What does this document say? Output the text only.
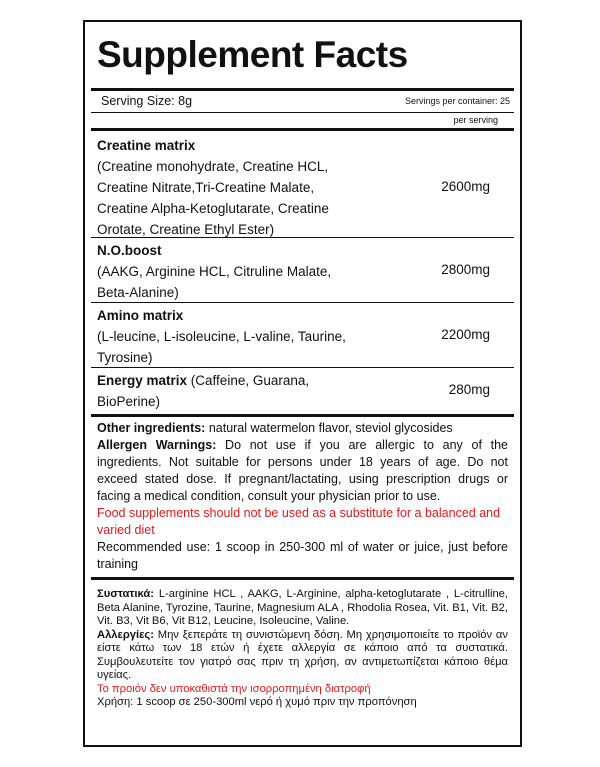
Supplement Facts
Serving Size: 8g	Servings per container: 25
per serving
Creatine matrix
(Creatine monohydrate, Creatine HCL,
Creatine Nitrate,Tri-Creatine Malate,
Creatine Alpha-Ketoglutarate, Creatine
Orotate, Creatine Ethyl Ester)
2600mg
N.O.boost
(AAKG, Arginine HCL, Citruline Malate,
Beta-Alanine)
2800mg
Amino matrix
(L-leucine, L-isoleucine, L-valine, Taurine,
Tyrosine)
2200mg
Energy matrix (Caffeine, Guarana,
BioPerine)
280mg
Other ingredients: natural watermelon flavor, steviol glycosides
Allergen Warnings: Do not use if you are allergic to any of the ingredients. Not suitable for persons under 18 years of age. Do not exceed stated dose. If pregnant/lactating, using prescription drugs or facing a medical condition, consult your physician prior to use.
Food supplements should not be used as a substitute for a balanced and varied diet
Recommended use: 1 scoop in 250-300 ml of water or juice, just before training
Συστατικά: L-arginine HCL , AAKG, L-Arginine, alpha-ketoglutarate , L-citrulline, Beta Alanine, Tyrozine, Taurine, Magnesium ALA , Rhodolia Rosea, Vit. B1, Vit. B2, Vit. B3, Vit B6, Vit B12, Leucine, Isoleucine, Valine.
Αλλεργίες: Μην ξεπεράτε τη συνιστώμενη δόση. Μη χρησιμοποιείτε το προϊόν αν είστε κάτω των 18 ετών ή έχετε αλλεργία σε κάποιο από τα συστατικά. Συμβουλευτείτε τον γιατρό σας πριν τη χρήση, αν αντιμετωπίζεται κάποιο θέμα υγείας.
Το προιόν δεν υποκαθιστά την ισορροπημένη διατροφή
Χρήση: 1 scoop σε 250-300ml νερό ή χυμό πριν την προπόνηση
